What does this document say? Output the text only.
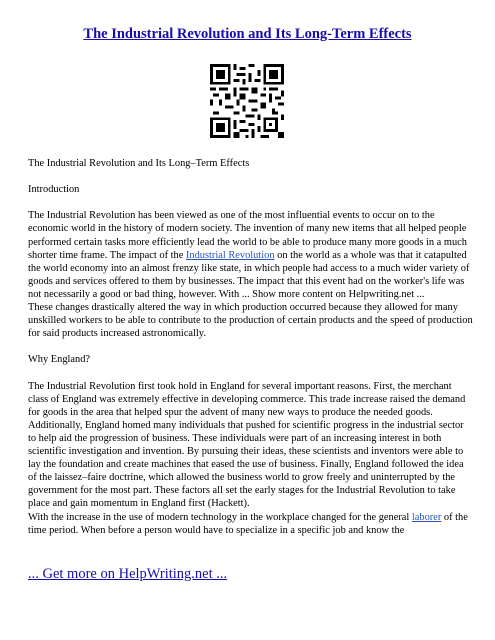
The Industrial Revolution and Its Long-Term Effects

The Industrial Revolution and Its Long–Term Effects

Introduction

The Industrial Revolution has been viewed as one of the most influential events to occur on to the economic world in the history of modern society. The invention of many new items that all helped people performed certain tasks more efficiently lead the world to be able to produce many more goods in a much shorter time frame. The impact of the Industrial Revolution on the world as a whole was that it catapulted the world economy into an almost frenzy like state, in which people had access to a much wider variety of goods and services offered to them by businesses. The impact that this event had on the worker's life was not necessarily a good or bad thing, however. With ... Show more content on Helpwriting.net ...

These changes drastically altered the way in which production occurred because they allowed for many unskilled workers to be able to contribute to the production of certain products and the speed of production for said products increased astronomically.

Why England?

The Industrial Revolution first took hold in England for several important reasons. First, the merchant class of England was extremely effective in developing commerce. This trade increase raised the demand for goods in the area that helped spur the advent of many new ways to produce the needed goods. Additionally, England homed many individuals that pushed for scientific progress in the industrial sector to help aid the progression of business. These individuals were part of an increasing interest in both scientific investigation and invention. By pursuing their ideas, these scientists and inventors were able to lay the foundation and create machines that eased the use of business. Finally, England followed the idea of the laissez–faire doctrine, which allowed the business world to grow freely and uninterrupted by the government for the most part. These factors all set the early stages for the Industrial Revolution to take place and gain momentum in England first (Hackett).

With the increase in the use of modern technology in the workplace changed for the general laborer of the time period. When before a person would have to specialize in a specific job and know the

... Get more on HelpWriting.net ...
